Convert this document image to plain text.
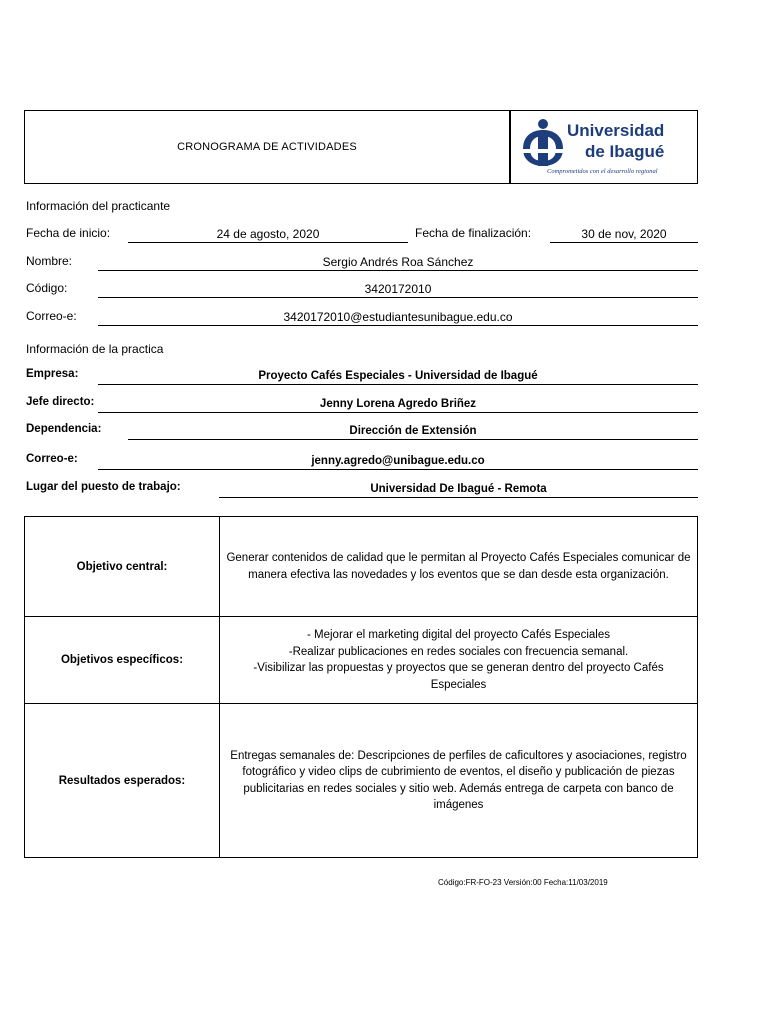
CRONOGRAMA DE ACTIVIDADES
Universidad
de Ibagué
Comprometidos con el desarrollo regional
Información del practicante
Fecha de inicio:	24 de agosto, 2020	Fecha de finalización:	30 de nov, 2020
Nombre:	Sergio Andrés Roa Sánchez
Código:	3420172010
Correo-e:	3420172010@estudiantesunibague.edu.co
Información de la practica
Empresa:	Proyecto Cafés Especiales - Universidad de Ibagué
Jefe directo:	Jenny Lorena Agredo Briñez
Dependencia:	Dirección de Extensión
Correo-e:	jenny.agredo@unibague.edu.co
Lugar del puesto de trabajo:	Universidad De Ibagué - Remota
Objetivo central:
Generar contenidos de calidad que le permitan al Proyecto Cafés Especiales comunicar de
manera efectiva las novedades y los eventos que se dan desde esta organización.
Objetivos específicos:
- Mejorar el marketing digital del proyecto Cafés Especiales
-Realizar publicaciones en redes sociales con frecuencia semanal.
-Visibilizar las propuestas y proyectos que se generan dentro del proyecto Cafés Especiales
Resultados esperados:
Entregas semanales de: Descripciones de perfiles de caficultores y asociaciones, registro
fotográfico y video clips de cubrimiento de eventos, el diseño y publicación de piezas
publicitarias en redes sociales y sitio web. Además entrega de carpeta con banco de imágenes
Código:FR-FO-23 Versión:00 Fecha:11/03/2019
